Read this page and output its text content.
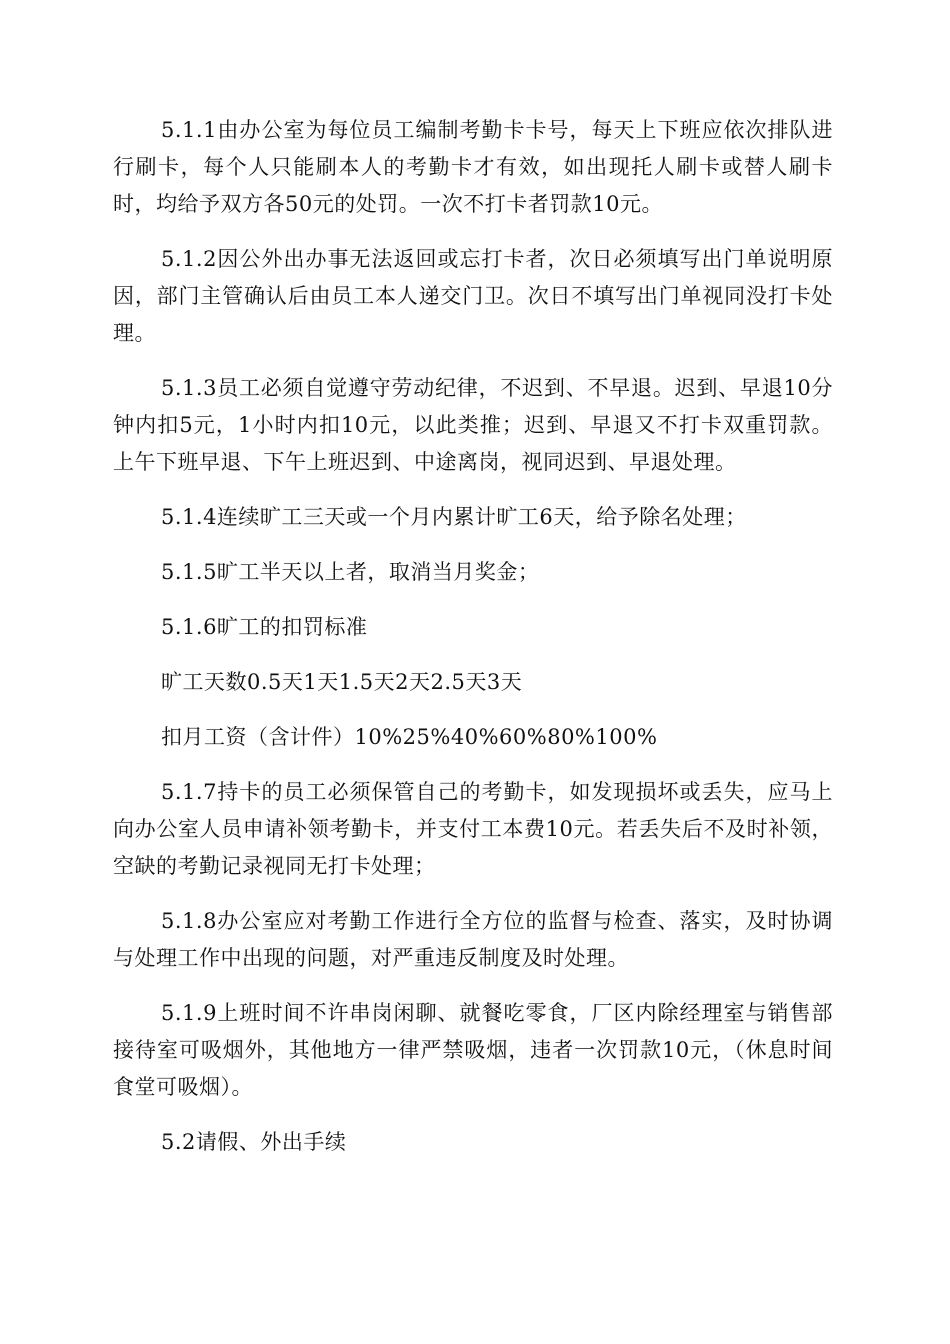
5.1.1由办公室为每位员工编制考勤卡卡号，每天上下班应依次排队进行刷卡，每个人只能刷本人的考勤卡才有效，如出现托人刷卡或替人刷卡时，均给予双方各50元的处罚。一次不打卡者罚款10元。

5.1.2因公外出办事无法返回或忘打卡者，次日必须填写出门单说明原因，部门主管确认后由员工本人递交门卫。次日不填写出门单视同没打卡处理。

5.1.3员工必须自觉遵守劳动纪律，不迟到、不早退。迟到、早退10分钟内扣5元，1小时内扣10元，以此类推；迟到、早退又不打卡双重罚款。上午下班早退、下午上班迟到、中途离岗，视同迟到、早退处理。

5.1.4连续旷工三天或一个月内累计旷工6天，给予除名处理；

5.1.5旷工半天以上者，取消当月奖金；

5.1.6旷工的扣罚标准

旷工天数0.5天1天1.5天2天2.5天3天

扣月工资（含计件）10%25%40%60%80%100%

5.1.7持卡的员工必须保管自己的考勤卡，如发现损坏或丢失，应马上向办公室人员申请补领考勤卡，并支付工本费10元。若丢失后不及时补领，空缺的考勤记录视同无打卡处理；

5.1.8办公室应对考勤工作进行全方位的监督与检查、落实，及时协调与处理工作中出现的问题，对严重违反制度及时处理。

5.1.9上班时间不许串岗闲聊、就餐吃零食，厂区内除经理室与销售部接待室可吸烟外，其他地方一律严禁吸烟，违者一次罚款10元，（休息时间食堂可吸烟）。

5.2请假、外出手续
